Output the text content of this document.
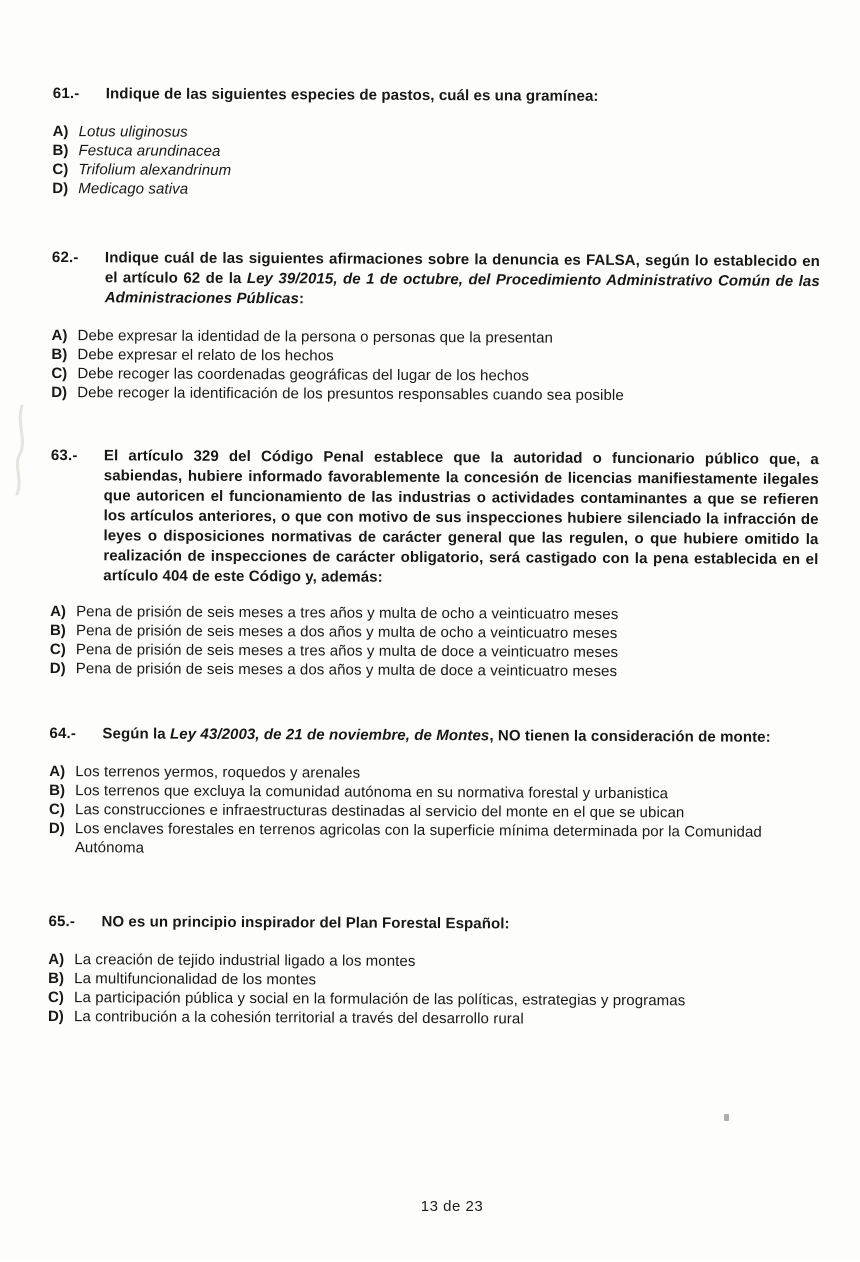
61.-	Indique de las siguientes especies de pastos, cuál es una gramínea:

A) Lotus uliginosus
B) Festuca arundinacea
C) Trifolium alexandrinum
D) Medicago sativa
62.-	Indique cuál de las siguientes afirmaciones sobre la denuncia es FALSA, según lo establecido en el artículo 62 de la Ley 39/2015, de 1 de octubre, del Procedimiento Administrativo Común de las Administraciones Públicas:

A) Debe expresar la identidad de la persona o personas que la presentan
B) Debe expresar el relato de los hechos
C) Debe recoger las coordenadas geográficas del lugar de los hechos
D) Debe recoger la identificación de los presuntos responsables cuando sea posible
63.-	El artículo 329 del Código Penal establece que la autoridad o funcionario público que, a sabiendas, hubiere informado favorablemente la concesión de licencias manifiestamente ilegales que autoricen el funcionamiento de las industrias o actividades contaminantes a que se refieren los artículos anteriores, o que con motivo de sus inspecciones hubiere silenciado la infracción de leyes o disposiciones normativas de carácter general que las regulen, o que hubiere omitido la realización de inspecciones de carácter obligatorio, será castigado con la pena establecida en el artículo 404 de este Código y, además:

A) Pena de prisión de seis meses a tres años y multa de ocho a veinticuatro meses
B) Pena de prisión de seis meses a dos años y multa de ocho a veinticuatro meses
C) Pena de prisión de seis meses a tres años y multa de doce a veinticuatro meses
D) Pena de prisión de seis meses a dos años y multa de doce a veinticuatro meses
64.-	Según la Ley 43/2003, de 21 de noviembre, de Montes, NO tienen la consideración de monte:

A) Los terrenos yermos, roquedos y arenales
B) Los terrenos que excluya la comunidad autónoma en su normativa forestal y urbanistica
C) Las construcciones e infraestructuras destinadas al servicio del monte en el que se ubican
D) Los enclaves forestales en terrenos agricolas con la superficie mínima determinada por la Comunidad Autónoma
65.-	NO es un principio inspirador del Plan Forestal Español:

A) La creación de tejido industrial ligado a los montes
B) La multifuncionalidad de los montes
C) La participación pública y social en la formulación de las políticas, estrategias y programas
D) La contribución a la cohesión territorial a través del desarrollo rural
13 de 23
